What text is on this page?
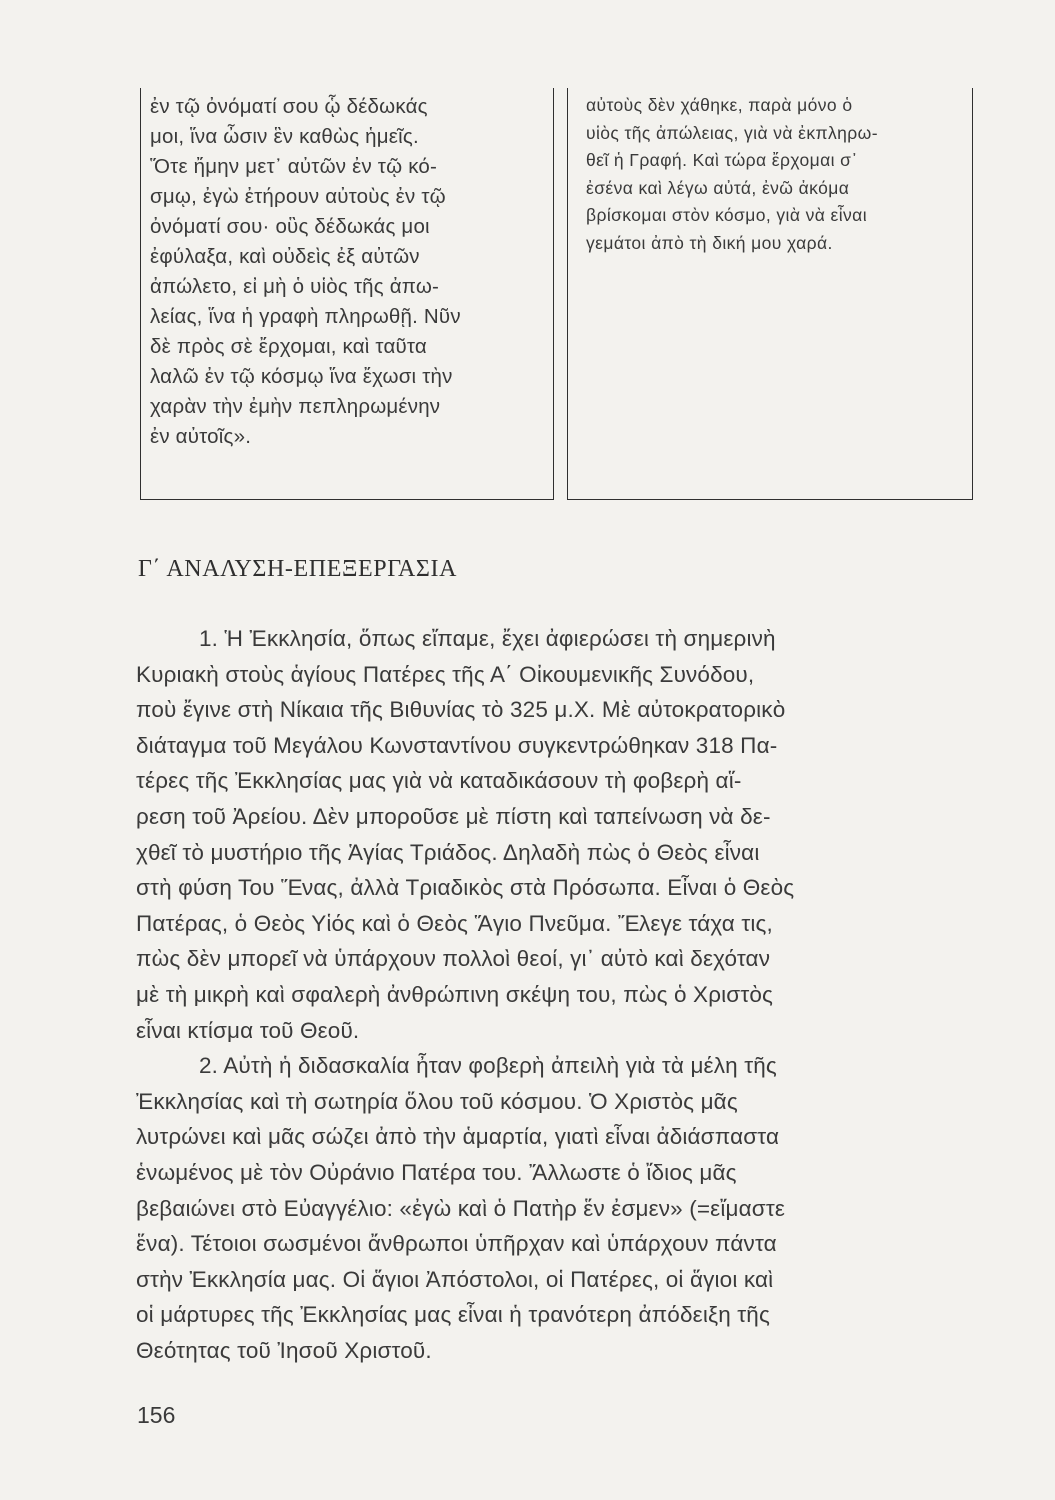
ἐν τῷ ὀνόματί σου ᾧ δέδωκάς
μοι, ἵνα ὦσιν ἓν καθὼς ἡμεῖς.
Ὅτε ἤμην μετ᾽ αὐτῶν ἐν τῷ κό-
σμῳ, ἐγὼ ἐτήρουν αὐτοὺς ἐν τῷ
ὀνόματί σου· οὓς δέδωκάς μοι
ἐφύλαξα, καὶ οὐδεὶς ἐξ αὐτῶν
ἀπώλετο, εἰ μὴ ὁ υἱὸς τῆς ἀπω-
λείας, ἵνα ἡ γραφὴ πληρωθῇ. Νῦν
δὲ πρὸς σὲ ἔρχομαι, καὶ ταῦτα
λαλῶ ἐν τῷ κόσμῳ ἵνα ἔχωσι τὴν
χαρὰν τὴν ἐμὴν πεπληρωμένην
ἐν αὐτοῖς».
αὐτοὺς δὲν χάθηκε, παρὰ μόνο ὁ
υἱὸς τῆς ἀπώλειας, γιὰ νὰ ἐκπληρω-
θεῖ ἡ Γραφή. Καὶ τώρα ἔρχομαι σ᾽
ἐσένα καὶ λέγω αὐτά, ἐνῶ ἀκόμα
βρίσκομαι στὸν κόσμο, γιὰ νὰ εἶναι
γεμάτοι ἀπὸ τὴ δική μου χαρά.
Γ΄ ΑΝΑΛΥΣΗ-ΕΠΕΞΕΡΓΑΣΙΑ
1. Ἡ Ἐκκλησία, ὅπως εἴπαμε, ἔχει ἀφιερώσει τὴ σημερινὴ
Κυριακὴ στοὺς ἁγίους Πατέρες τῆς Α΄ Οἰκουμενικῆς Συνόδου,
ποὺ ἔγινε στὴ Νίκαια τῆς Βιθυνίας τὸ 325 μ.Χ. Μὲ αὐτοκρατορικὸ
διάταγμα τοῦ Μεγάλου Κωνσταντίνου συγκεντρώθηκαν 318 Πα-
τέρες τῆς Ἐκκλησίας μας γιὰ νὰ καταδικάσουν τὴ φοβερὴ αἵ-
ρεση τοῦ Ἀρείου. Δὲν μποροῦσε μὲ πίστη καὶ ταπείνωση νὰ δε-
χθεῖ τὸ μυστήριο τῆς Ἁγίας Τριάδος. Δηλαδὴ πὼς ὁ Θεὸς εἶναι
στὴ φύση Του Ἕνας, ἀλλὰ Τριαδικὸς στὰ Πρόσωπα. Εἶναι ὁ Θεὸς
Πατέρας, ὁ Θεὸς Υἱός καὶ ὁ Θεὸς Ἅγιο Πνεῦμα. Ἔλεγε τάχα τις,
πὼς δὲν μπορεῖ νὰ ὑπάρχουν πολλοὶ θεοί, γι᾽ αὐτὸ καὶ δεχόταν
μὲ τὴ μικρὴ καὶ σφαλερὴ ἀνθρώπινη σκέψη του, πὼς ὁ Χριστὸς
εἶναι κτίσμα τοῦ Θεοῦ.
2. Αὐτὴ ἡ διδασκαλία ἦταν φοβερὴ ἀπειλὴ γιὰ τὰ μέλη τῆς
Ἐκκλησίας καὶ τὴ σωτηρία ὅλου τοῦ κόσμου. Ὁ Χριστὸς μᾶς
λυτρώνει καὶ μᾶς σώζει ἀπὸ τὴν ἁμαρτία, γιατὶ εἶναι ἀδιάσπαστα
ἑνωμένος μὲ τὸν Οὐράνιο Πατέρα του. Ἄλλωστε ὁ ἴδιος μᾶς
βεβαιώνει στὸ Εὐαγγέλιο: «ἐγὼ καὶ ὁ Πατὴρ ἕν ἐσμεν» (=εἴμαστε
ἕνα). Τέτοιοι σωσμένοι ἄνθρωποι ὑπῆρχαν καὶ ὑπάρχουν πάντα
στὴν Ἐκκλησία μας. Οἱ ἅγιοι Ἀπόστολοι, οἱ Πατέρες, οἱ ἅγιοι καὶ
οἱ μάρτυρες τῆς Ἐκκλησίας μας εἶναι ἡ τρανότερη ἀπόδειξη τῆς
Θεότητας τοῦ Ἰησοῦ Χριστοῦ.
156
